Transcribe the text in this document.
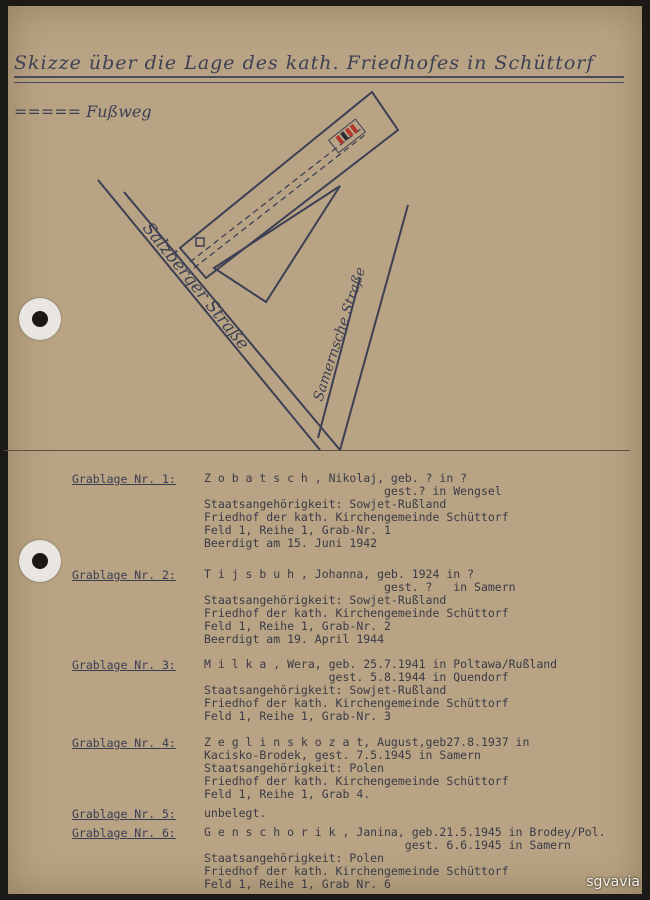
Skizze über die Lage des kath. Friedhofes in Schüttorf
===== Fußweg
Salzberger Straße	Samernsche Straße
Grablage Nr. 1: Z o b a t s c h , Nikolaj, geb. ? in ?
gest.? in Wengsel
Staatsangehörigkeit: Sowjet-Rußland
Friedhof der kath. Kirchengemeinde Schüttorf
Feld 1, Reihe 1, Grab-Nr. 1
Beerdigt am 15. Juni 1942
Grablage Nr. 2: T i j s b u h , Johanna, geb. 1924 in ?
gest. ?   in Samern
Staatsangehörigkeit: Sowjet-Rußland
Friedhof der kath. Kirchengemeinde Schüttorf
Feld 1, Reihe 1, Grab-Nr. 2
Beerdigt am 19. April 1944
Grablage Nr. 3: M i l k a , Wera, geb. 25.7.1941 in Poltawa/Rußland
gest. 5.8.1944 in Quendorf
Staatsangehörigkeit: Sowjet-Rußland
Friedhof der kath. Kirchengemeinde Schüttorf
Feld 1, Reihe 1, Grab-Nr. 3
Grablage Nr. 4: Z e g l i n s k o z a t, August,geb27.8.1937 in
Kacisko-Brodek, gest. 7.5.1945 in Samern
Staatsangehörigkeit: Polen
Friedhof der kath. Kirchengemeinde Schüttorf
Feld 1, Reihe 1, Grab 4.
Grablage Nr. 5: unbelegt.
Grablage Nr. 6: G e n s c h o r i k , Janina, geb.21.5.1945 in Brodey/Pol.
gest. 6.6.1945 in Samern
Staatsangehörigkeit: Polen
Friedhof der kath. Kirchengemeinde Schüttorf
Feld 1, Reihe 1, Grab Nr. 6	sgvavia
